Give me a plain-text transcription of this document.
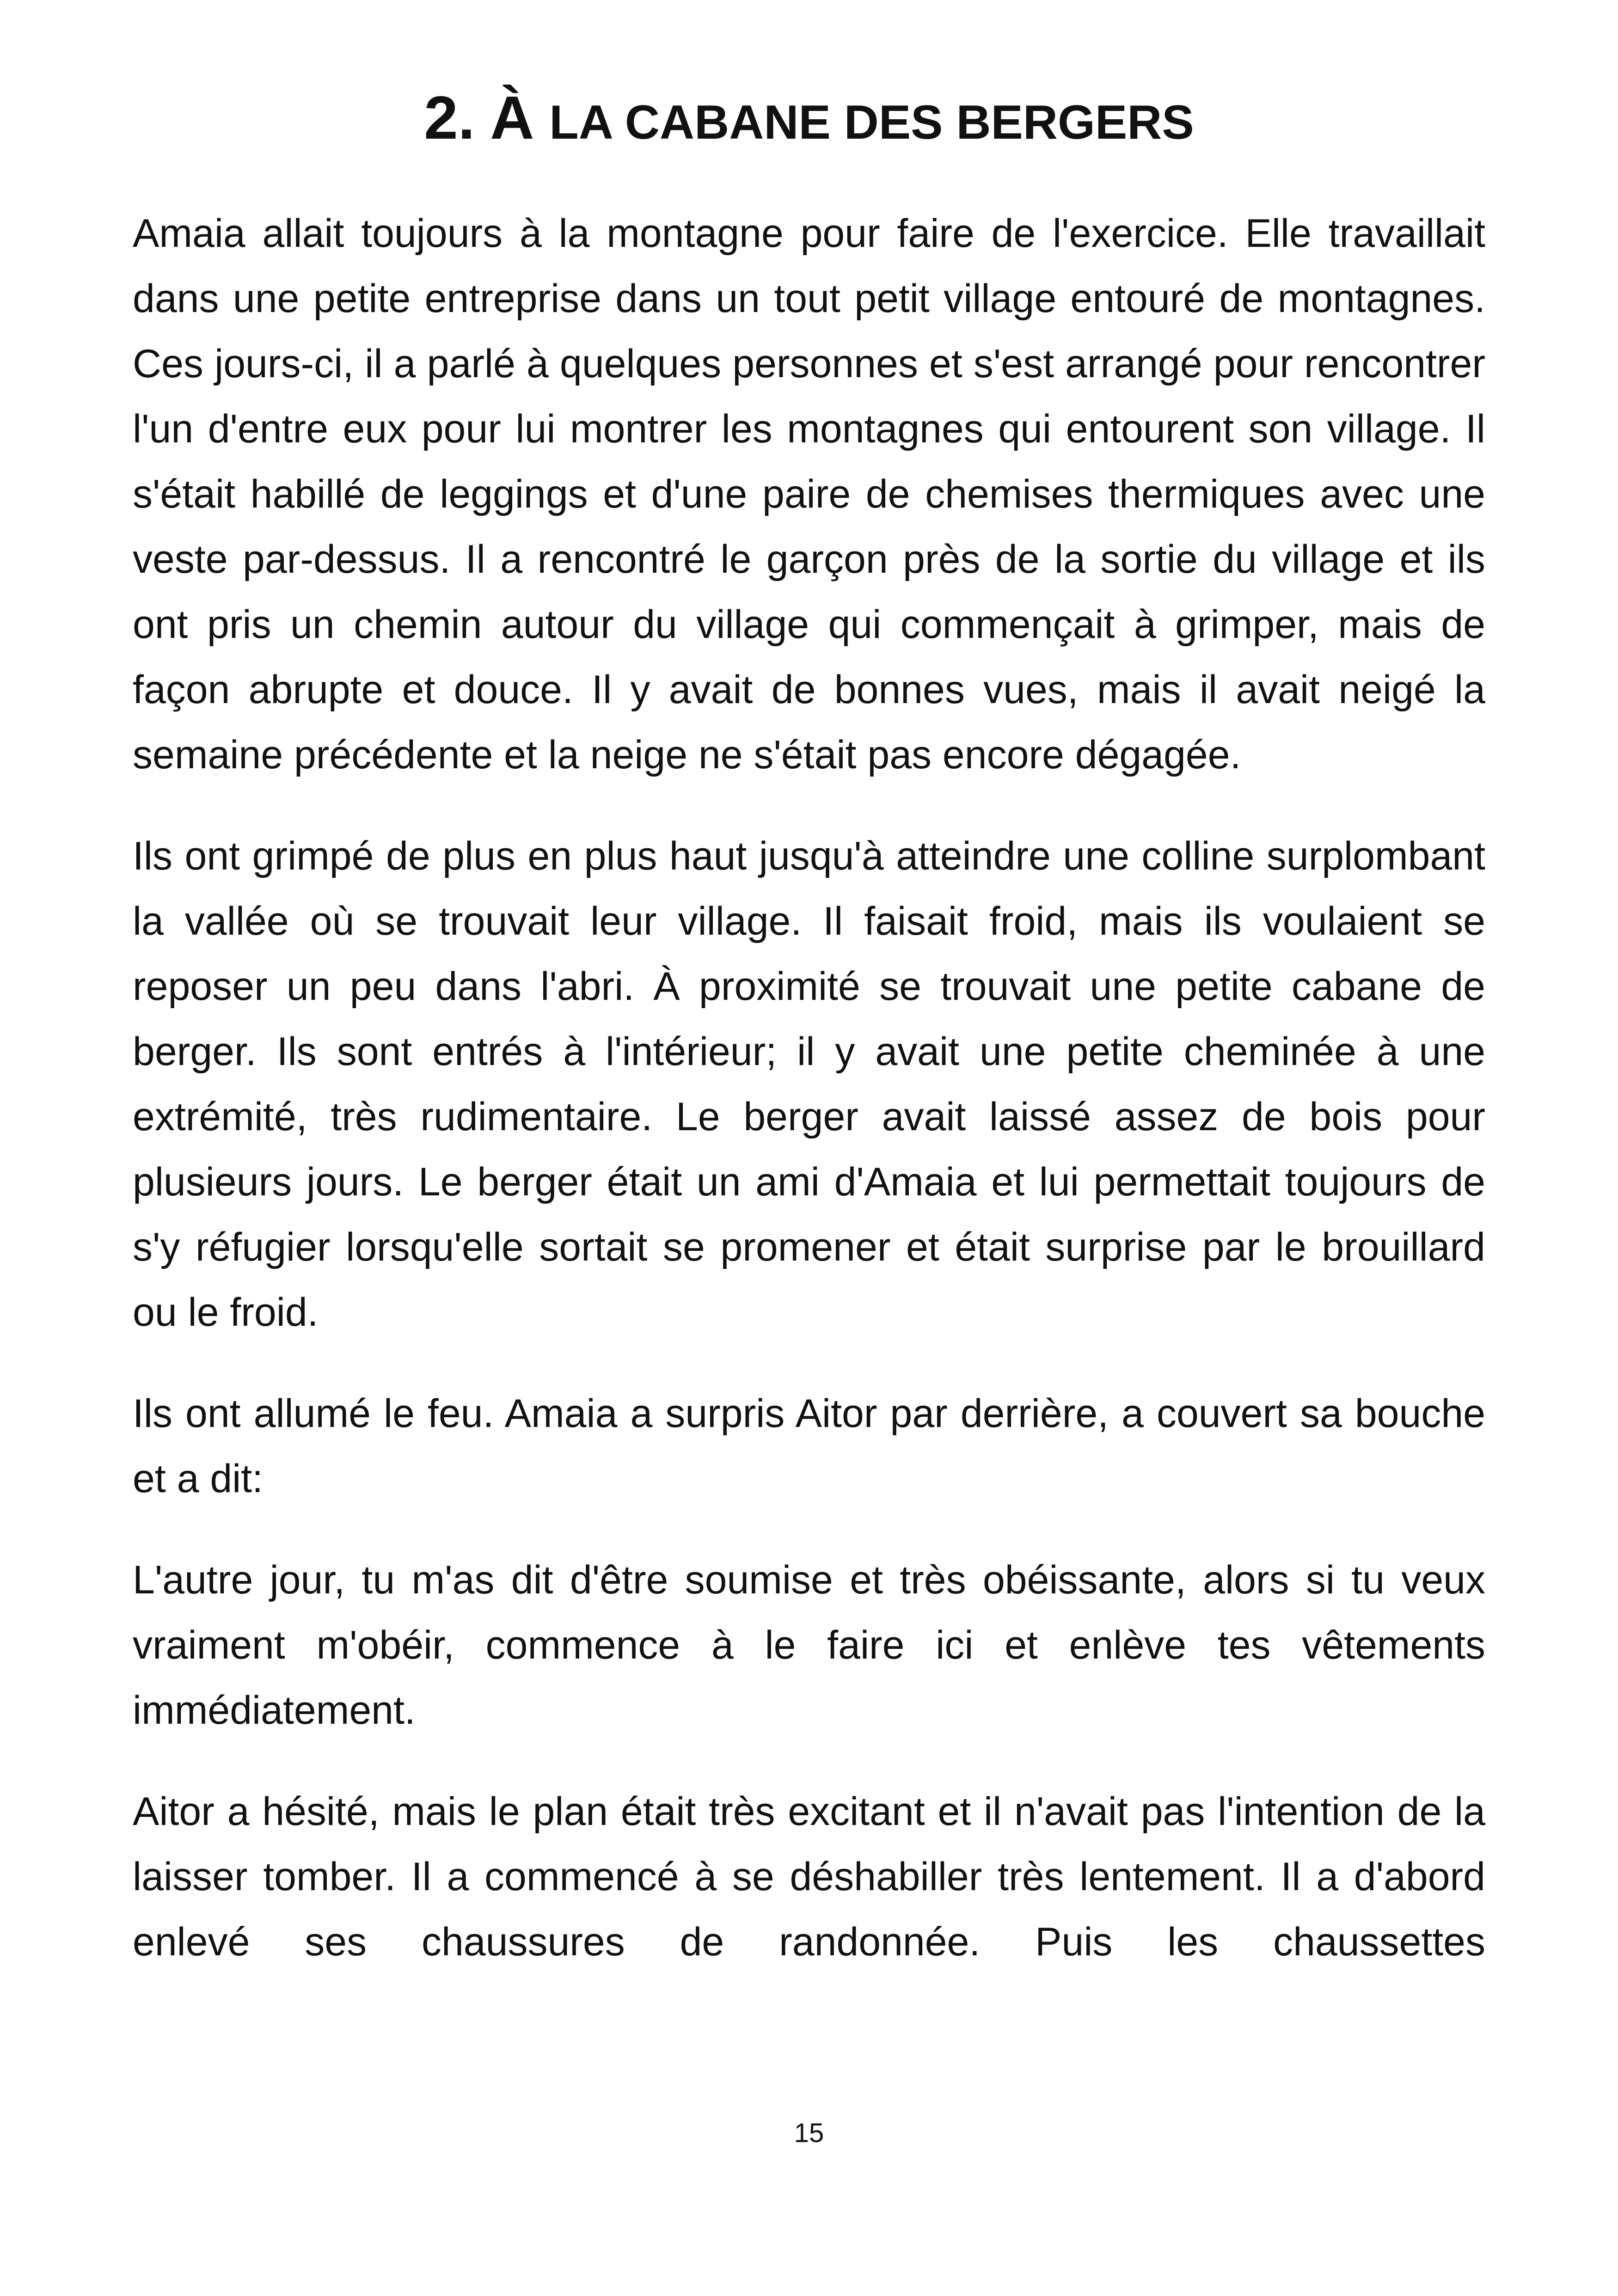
2. À LA CABANE DES BERGERS

Amaia allait toujours à la montagne pour faire de l'exercice. Elle travaillait dans une petite entreprise dans un tout petit village entouré de montagnes. Ces jours-ci, il a parlé à quelques personnes et s'est arrangé pour rencontrer l'un d'entre eux pour lui montrer les montagnes qui entourent son village. Il s'était habillé de leggings et d'une paire de chemises thermiques avec une veste par-dessus. Il a rencontré le garçon près de la sortie du village et ils ont pris un chemin autour du village qui commençait à grimper, mais de façon abrupte et douce. Il y avait de bonnes vues, mais il avait neigé la semaine précédente et la neige ne s'était pas encore dégagée.

Ils ont grimpé de plus en plus haut jusqu'à atteindre une colline surplombant la vallée où se trouvait leur village. Il faisait froid, mais ils voulaient se reposer un peu dans l'abri. À proximité se trouvait une petite cabane de berger. Ils sont entrés à l'intérieur; il y avait une petite cheminée à une extrémité, très rudimentaire. Le berger avait laissé assez de bois pour plusieurs jours. Le berger était un ami d'Amaia et lui permettait toujours de s'y réfugier lorsqu'elle sortait se promener et était surprise par le brouillard ou le froid.

Ils ont allumé le feu. Amaia a surpris Aitor par derrière, a couvert sa bouche et a dit:

L'autre jour, tu m'as dit d'être soumise et très obéissante, alors si tu veux vraiment m'obéir, commence à le faire ici et enlève tes vêtements immédiatement.

Aitor a hésité, mais le plan était très excitant et il n'avait pas l'intention de la laisser tomber. Il a commencé à se déshabiller très lentement. Il a d'abord enlevé ses chaussures de randonnée. Puis les chaussettes

15
